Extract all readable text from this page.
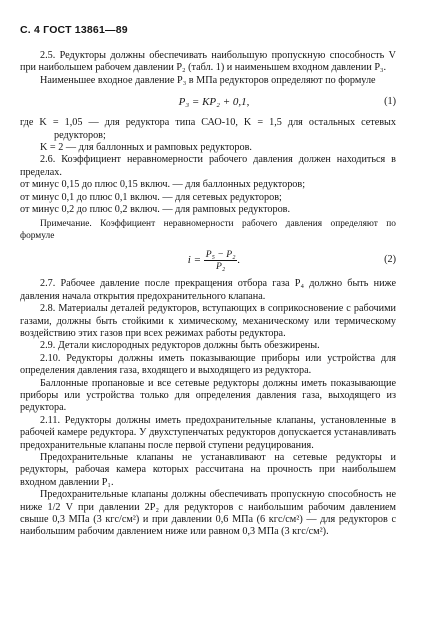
С. 4 ГОСТ 13861—89

2.5. Редукторы должны обеспечивать наибольшую пропускную способность V при наибольшем рабочем давлении P₂ (табл. 1) и наименьшем входном давлении P₃.

Наименьшее входное давление P₃ в МПа редукторов определяют по формуле

P₃ = KP₂ + 0,1,	(1)

где K = 1,05 — для редуктора типа САО-10, K = 1,5 для остальных сетевых редукторов;

K = 2 — для баллонных и рамповых редукторов.

2.6. Коэффициент неравномерности рабочего давления должен находиться в пределах.

от минус 0,15 до плюс 0,15 включ. — для баллонных редукторов;

от минус 0,1 до плюс 0,1 включ. — для сетевых редукторов;

от минус 0,2 до плюс 0,2 включ. — для рамповых редукторов.

Примечание. Коэффициент неравномерности рабочего давления определяют по формуле

$i = \frac{\text{P₅ − P₂}}{\text{P₂}}$ .	(2)

2.7. Рабочее давление после прекращения отбора газа P₄ должно быть ниже давления начала открытия предохранительного клапана.

2.8. Материалы деталей редукторов, вступающих в соприкосновение с рабочими газами, должны быть стойкими к химическому, механическому или термическому воздействию этих газов при всех режимах работы редуктора.

2.9. Детали кислородных редукторов должны быть обезжирены.

2.10. Редукторы должны иметь показывающие приборы или устройства для определения давления газа, входящего и выходящего из редуктора.

Баллонные пропановые и все сетевые редукторы должны иметь показывающие приборы или устройства только для определения давления газа, выходящего из редуктора.

2.11. Редукторы должны иметь предохранительные клапаны, установленные в рабочей камере редуктора. У двухступенчатых редукторов допускается устанавливать предохранительные клапаны после первой ступени редуцирования.

Предохранительные клапаны не устанавливают на сетевые редукторы и редукторы, рабочая камера которых рассчитана на прочность при наибольшем входном давлении P₁.

Предохранительные клапаны должны обеспечивать пропускную способность не ниже 1/2 V при давлении 2P₂ для редукторов с наибольшим рабочим давлением свыше 0,3 МПа (3 кгс/см²) и при давлении 0,6 МПа (6 кгс/см²) — для редукторов с наибольшим рабочим давлением ниже или равном 0,3 МПа (3 кгс/см²).
